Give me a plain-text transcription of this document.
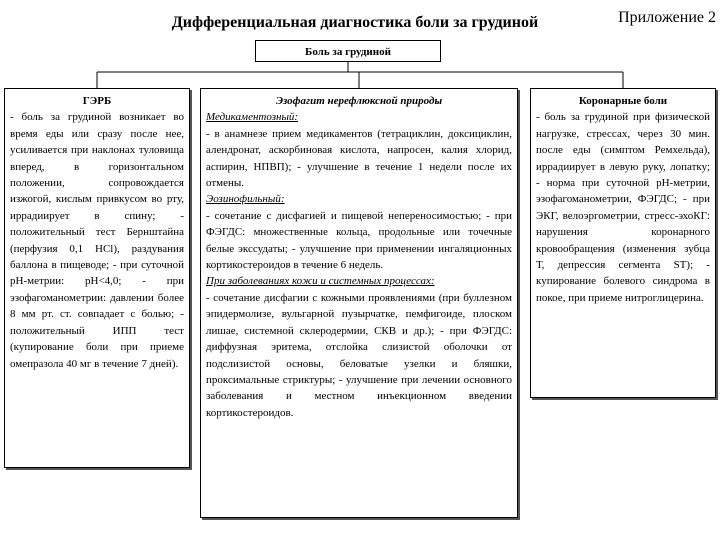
Дифференциальная диагностика боли за грудиной	Приложение 2
Боль за грудиной
ГЭРБ
- боль за грудиной возникает во время еды или сразу после нее, усиливается при наклонах туловища вперед, в горизонтальном положении, сопровождается изжогой, кислым привкусом во рту, иррадиирует в спину; - положительный тест Бернштайна (перфузия 0,1 HCl), раздувания баллона в пищеводе; - при суточной рН-метрии: рН<4,0; - при эзофагоманометрии: давлении более 8 мм рт. ст. совпадает с болью; - положительный ИПП тест (купирование боли при приеме омепразола 40 мг в течение 7 дней).
Эзофагит нерефлюксной природы
Медикаментозный:
- в анамнезе прием медикаментов (тетрациклин, доксициклин, алендронат, аскорбиновая кислота, напросен, калия хлорид, аспирин, НПВП); - улучшение в течение 1 недели после их отмены.
Эозинофильный:
- сочетание с дисфагией и пищевой непереносимостью; - при ФЭГДС: множественные кольца, продольные или точечные белые экссудаты; - улучшение при применении ингаляционных кортикостероидов в течение 6 недель.
При заболеваниях кожи и системных процессах:
- сочетание дисфагии с кожными проявлениями (при буллезном эпидермолизе, вульгарной пузырчатке, пемфигоиде, плоском лишае, системной склеродермии, СКВ и др.); - при ФЭГДС: диффузная эритема, отслойка слизистой оболочки от подслизистой основы, беловатые узелки и бляшки, проксимальные стриктуры; - улучшение при лечении основного заболевания и местном инъекционном введении кортикостероидов.
Коронарные боли
- боль за грудиной при физической нагрузке, стрессах, через 30 мин. после еды (симптом Ремхельда), иррадиирует в левую руку, лопатку; - норма при суточной рН-метрии, эзофагоманометрии, ФЭГДС; - при ЭКГ, велоэргометрии, стресс-эхоКГ: нарушения коронарного кровообращения (изменения зубца Т, депрессия сегмента ST); - купирование болевого синдрома в покое, при приеме нитроглицерина.
